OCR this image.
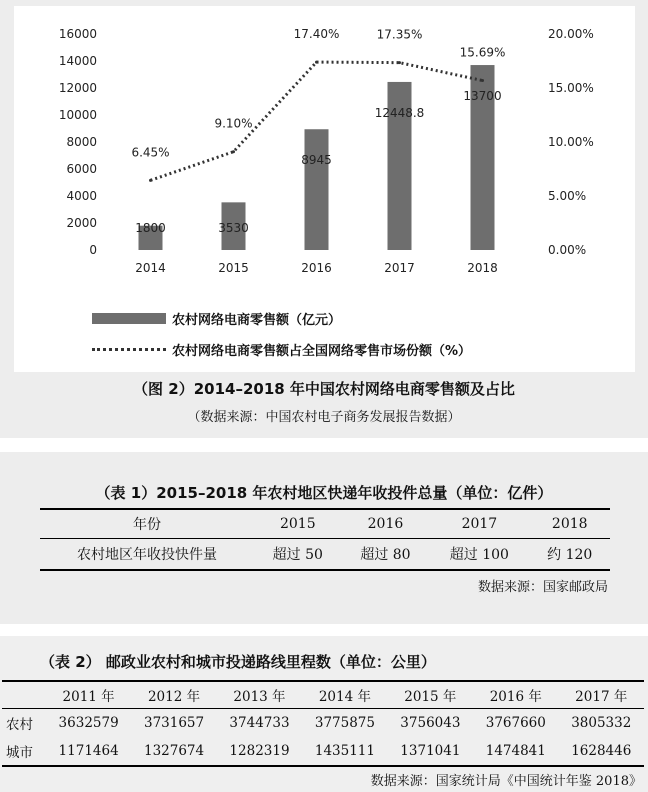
0
2000
4000
6000
8000
10000
12000
14000
16000
0.00%
5.00%
10.00%
15.00%
20.00%
2014	2015	2016	2017	2018
1800	3530
8945
12448.8
13700
6.45%
9.10%
17.40%	17.35%
15.69%
农村网络电商零售额（亿元）
农村网络电商零售额占全国网络零售市场份额（%）
（图 2）2014–2018 年中国农村网络电商零售额及占比
（数据来源：中国农村电子商务发展报告数据）
（表 1）2015–2018 年农村地区快递年收投件总量（单位：亿件）
年份	2015	2016	2017	2018
农村地区年收投快件量	超过 50	超过 80	超过 100	约 120
数据来源：国家邮政局
（表 2） 邮政业农村和城市投递路线里程数（单位：公里）
	2011 年	2012 年	2013 年	2014 年	2015 年	2016 年	2017 年
农村	3632579	3731657	3744733	3775875	3756043	3767660	3805332
城市	1171464	1327674	1282319	1435111	1371041	1474841	1628446
数据来源：国家统计局《中国统计年鉴 2018》
